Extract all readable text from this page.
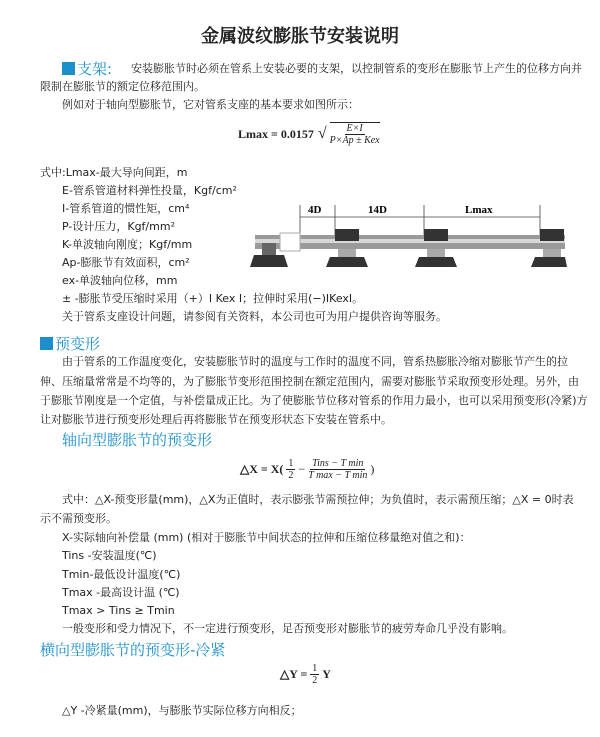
金属波纹膨胀节安装说明
支架: 安装膨胀节时必须在管系上安装必要的支架，以控制管系的变形在膨胀节上产生的位移方向并
限制在膨胀节的额定位移范围内。
例如对于轴向型膨胀节，它对管系支座的基本要求如图所示：
Lmax = 0.0157 √ $\frac{E\times I}{\text{P×Ap ± Kex}}$
式中:Lmax-最大导向间距，m
E-管系管道材料弹性投量，Kgf/cm²
I-管系管道的惯性矩，cm⁴
P-设计压力，Kgf/mm²
K-单波轴向刚度；Kgf/mm
Ap-膨胀节有效面积，cm²
ex-单波轴向位移，mm
± -膨胀节受压缩时采用（+）I Kex I；拉伸时采用(−)IKexI。
关于管系支座设计问题，请参阅有关资料，本公司也可为用户提供咨询等服务。
4D	14D	Lmax
预变形
由于管系的工作温度变化，安装膨胀节时的温度与工作时的温度不同，管系热膨胀冷缩对膨胀节产生的拉
伸、压缩量常常是不均等的，为了膨胀节变形范围控制在额定范围内，需要对膨胀节采取预变形处理。另外，由
于膨胀节刚度是一个定值，与补偿量成正比。为了使膨胀节位移对管系的作用力最小，也可以采用预变形(冷紧)方
让对膨胀节进行预变形处理后再将膨胀节在预变形状态下安装在管系中。
轴向型膨胀节的预变形
△X = $X( \frac{1}{2} - \frac{\text{Tins − T min}}{\text{T max − T min}}$ )
式中：△X-预变形量(mm)，△X为正值时，表示膨张节需预拉伸；为负值时，表示需预压缩；△X = 0时表
示不需预变形。
X-实际轴向补偿量 (mm) (相对于膨胀节中间状态的拉伸和压缩位移量绝对值之和)：
Tins -安装温度(℃)
Tmin-最低设计温度(℃)
Tmax -最高设计温 (℃)
Tmax > Tins ≥ Tmin
一般变形和受力情况下，不一定进行预变形，足否预变形对膨胀节的疲劳寿命几乎没有影响。
横向型膨胀节的预变形-冷紧
△Y = $\frac{1}{2}$ Y
△Y -冷紧量(mm)，与膨胀节实际位移方向相反；
